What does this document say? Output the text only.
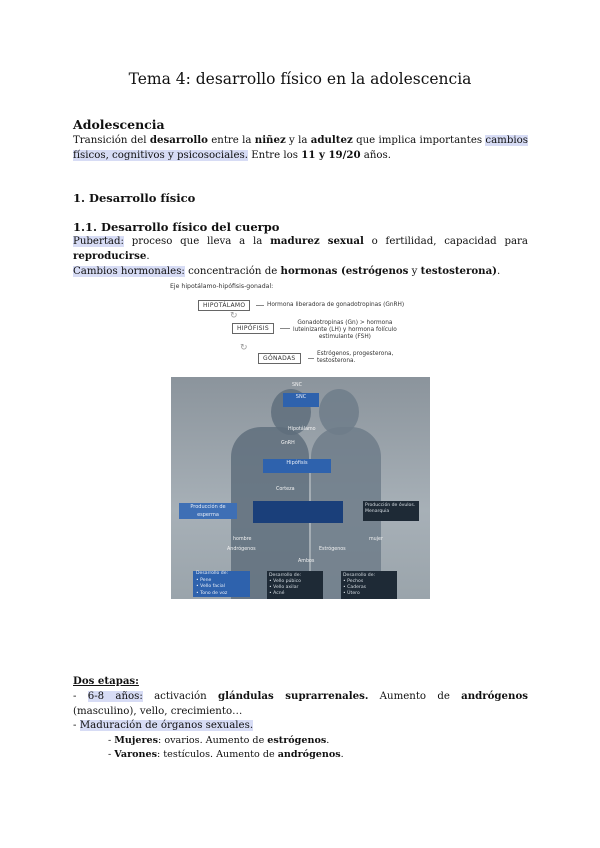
Tema 4: desarrollo físico en la adolescencia
Adolescencia
Transición del desarrollo entre la niñez y la adultez que implica importantes cambios físicos, cognitivos y psicosociales. Entre los 11 y 19/20 años.
1. Desarrollo físico
1.1. Desarrollo físico del cuerpo
Pubertad: proceso que lleva a la madurez sexual o fertilidad, capacidad para reproducirse.
Cambios hormonales: concentración de hormonas (estrógenos y testosterona).
Eje hipotálamo-hipófisis-gonadal:
HIPOTÁLAMO	Hormona liberadora de gonadotropinas (GnRH)
↻
HIPÓFISIS
Gonadotropinas (Gn) > hormona
luteinizante (LH) y hormona folículo
estimulante (FSH)
↻
GÓNADAS
Estrógenos, progesterona,
testosterona.
SNC
SNC
Hipotálamo
GnRH
Hipófisis
Corteza
Producción de esperma
Producción de óvulos. Menarquia
hombre	mujer
Andrógenos	Estrógenos
Ambos
Desarrollo de:
• Pene
• Vello facial
• Tono de voz
Desarrollo de:
• Vello púbico
• Vello axilar
• Acné
Desarrollo de:
• Pechos
• Caderas
• Útero
Dos etapas:
- 6-8 años: activación glándulas suprarrenales. Aumento de andrógenos (masculino), vello, crecimiento…
- Maduración de órganos sexuales.
- Mujeres: ovarios. Aumento de estrógenos.
- Varones: testículos. Aumento de andrógenos.
